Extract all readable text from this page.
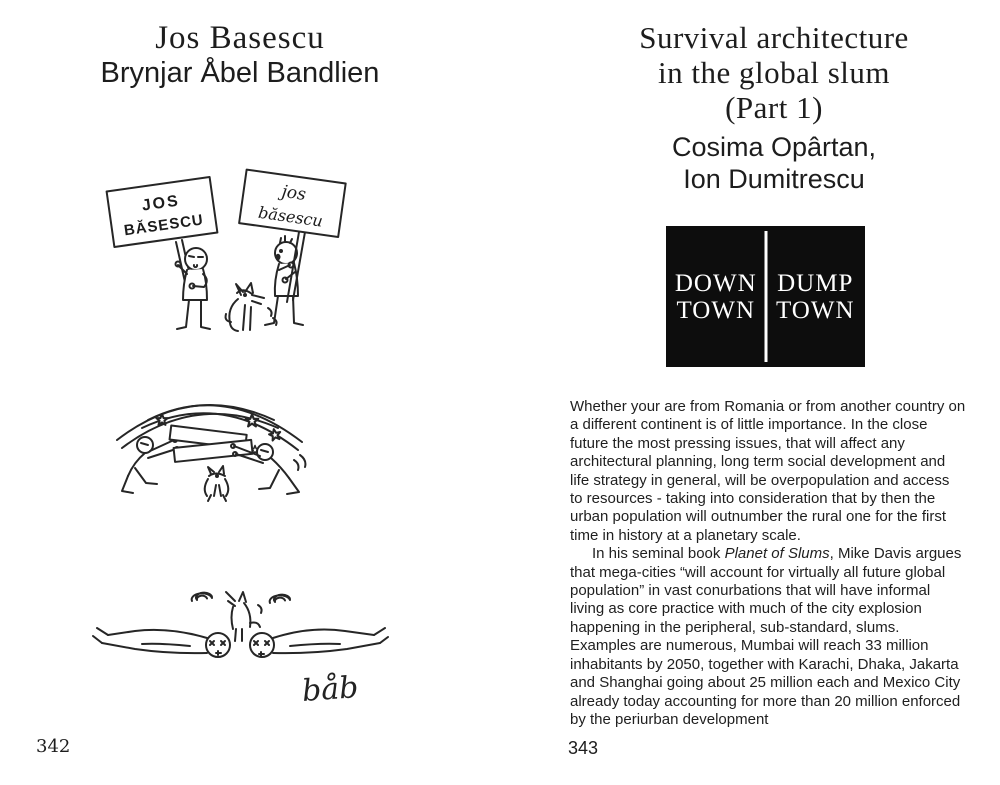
Jos Basescu
Brynjar Åbel Bandlien
JOS
BĂSESCU
jos
băsescu
båb
342
Survival architecture
in the global slum
(Part 1)
Cosima Opârtan,
Ion Dumitrescu
DOWN
TOWN
DUMP
TOWN

Whether your are from Romania or from another country on a different continent is of little importance. In the close future the most pressing issues, that will affect any architectural planning, long term social development and life strategy in general, will be overpopulation and access to resources - taking into consideration that by then the urban population will outnumber the rural one for the first time in history at a planetary scale.

In his seminal book Planet of Slums, Mike Davis argues that mega-cities “will account for virtually all future global population” in vast conurbations that will have informal living as core practice with much of the city explosion happening in the peripheral, sub-standard, slums. Examples are numerous, Mumbai will reach 33 million inhabitants by 2050, together with Karachi, Dhaka, Jakarta and Shanghai going about 25 million each and Mexico City already today accounting for more than 20 million enforced by the periurban development

343
